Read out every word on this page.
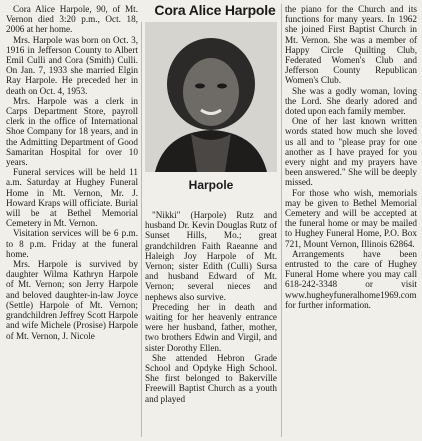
Cora Alice Harpole, 90, of Mt. Vernon died 3:20 p.m., Oct. 18, 2006 at her home.

Mrs. Harpole was born on Oct. 3, 1916 in Jefferson County to Albert Emil Culli and Cora (Smith) Culli. On Jan. 7, 1933 she married Elgin Ray Harpole. He preceded her in death on Oct. 4, 1953.

Mrs. Harpole was a clerk in Carps Department Store, payroll clerk in the office of International Shoe Company for 18 years, and in the Admitting Department of Good Samaritan Hospital for over 10 years.

Funeral services will be held 11 a.m. Saturday at Hughey Funeral Home in Mt. Vernon, Mr. J. Howard Kraps will officiate. Burial will be at Bethel Memorial Cemetery in Mt. Vernon.

Visitation services will be 6 p.m. to 8 p.m. Friday at the funeral home.

Mrs. Harpole is survived by daughter Wilma Kathryn Harpole of Mt. Vernon; son Jerry Harpole and beloved daughter-in-law Joyce (Settle) Harpole of Mt. Vernon; grandchildren Jeffrey Scott Harpole and wife Michele (Prosise) Harpole of Mt. Vernon, J. Nicole

Cora Alice Harpole
Harpole

"Nikki" (Harpole) Rutz and husband Dr. Kevin Douglas Rutz of Sunset Hills, Mo.; great grandchildren Faith Raeanne and Haleigh Joy Harpole of Mt. Vernon; sister Edith (Culli) Sursa and husband Edward of Mt. Vernon; several nieces and nephews also survive.

Preceding her in death and waiting for her heavenly entrance were her husband, father, mother, two brothers Edwin and Virgil, and sister Dorothy Ellen.

She attended Hebron Grade School and Opdyke High School. She first belonged to Bakerville Freewill Baptist Church as a youth and played

the piano for the Church and its functions for many years. In 1962 she joined First Baptist Church in Mt. Vernon. She was a member of Happy Circle Quilting Club, Federated Women's Club and Jefferson County Republican Women's Club.

She was a godly woman, loving the Lord. She dearly adored and doted upon each family member.

One of her last known written words stated how much she loved us all and to "please pray for one another as I have prayed for you every night and my prayers have been answered." She will be deeply missed.

For those who wish, memorials may be given to Bethel Memorial Cemetery and will be accepted at the funeral home or may be mailed to Hughey Funeral Home, P.O. Box 721, Mount Vernon, Illinois 62864.

Arrangements have been entrusted to the care of Hughey Funeral Home where you may call 618-242-3348 or visit www.hugheyfuneralhome1969.com for further information.
